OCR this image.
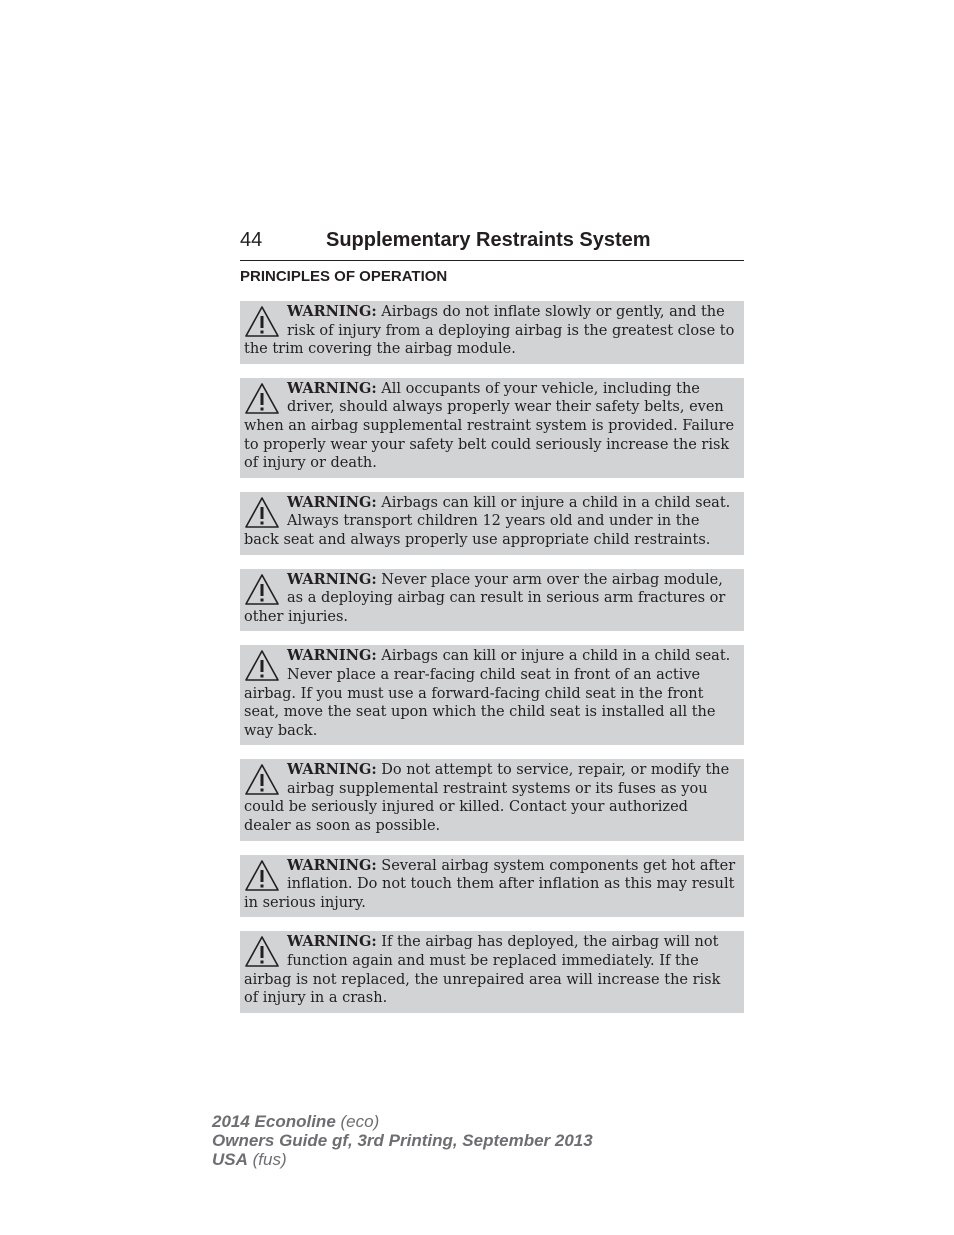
44	Supplementary Restraints System
PRINCIPLES OF OPERATION
WARNING: Airbags do not inflate slowly or gently, and the risk of injury from a deploying airbag is the greatest close to the trim covering the airbag module.
WARNING: All occupants of your vehicle, including the driver, should always properly wear their safety belts, even when an airbag supplemental restraint system is provided. Failure to properly wear your safety belt could seriously increase the risk of injury or death.
WARNING: Airbags can kill or injure a child in a child seat. Always transport children 12 years old and under in the back seat and always properly use appropriate child restraints.
WARNING: Never place your arm over the airbag module, as a deploying airbag can result in serious arm fractures or other injuries.
WARNING: Airbags can kill or injure a child in a child seat. Never place a rear-facing child seat in front of an active airbag. If you must use a forward-facing child seat in the front seat, move the seat upon which the child seat is installed all the way back.
WARNING: Do not attempt to service, repair, or modify the airbag supplemental restraint systems or its fuses as you could be seriously injured or killed. Contact your authorized dealer as soon as possible.
WARNING: Several airbag system components get hot after inflation. Do not touch them after inflation as this may result in serious injury.
WARNING: If the airbag has deployed, the airbag will not function again and must be replaced immediately. If the airbag is not replaced, the unrepaired area will increase the risk of injury in a crash.
2014 Econoline (eco)
Owners Guide gf, 3rd Printing, September 2013
USA (fus)
